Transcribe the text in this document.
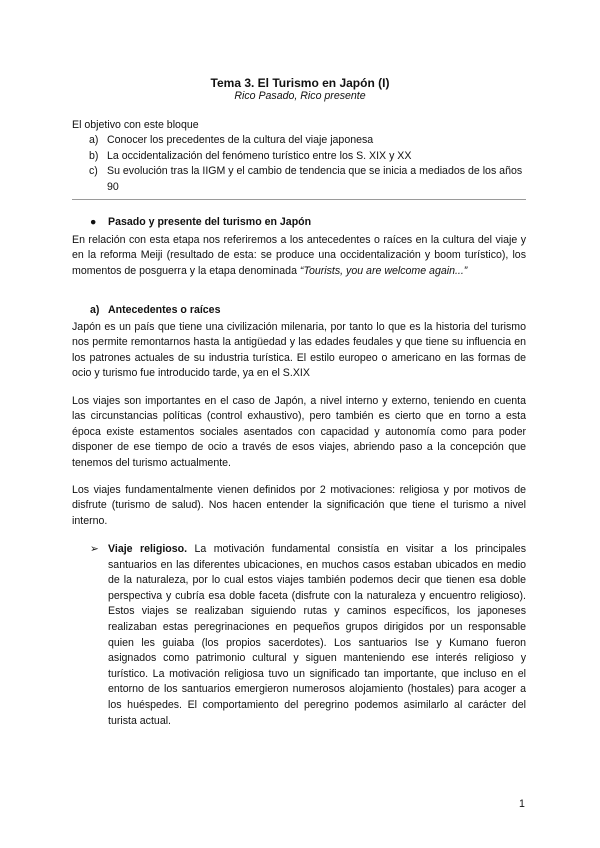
Tema 3. El Turismo en Japón (I)
Rico Pasado, Rico presente
El objetivo con este bloque
a) Conocer los precedentes de la cultura del viaje japonesa
b) La occidentalización del fenómeno turístico entre los S. XIX y XX
c) Su evolución tras la IIGM y el cambio de tendencia que se inicia a mediados de los años 90
● Pasado y presente del turismo en Japón

En relación con esta etapa nos referiremos a los antecedentes o raíces en la cultura del viaje y en la reforma Meiji (resultado de esta: se produce una occidentalización y boom turístico), los momentos de posguerra y la etapa denominada “Tourists, you are welcome again...”

a) Antecedentes o raíces

Japón es un país que tiene una civilización milenaria, por tanto lo que es la historia del turismo nos permite remontarnos hasta la antigüedad y las edades feudales y que tiene su influencia en los patrones actuales de su industria turística. El estilo europeo o americano en las formas de ocio y turismo fue introducido tarde, ya en el S.XIX

Los viajes son importantes en el caso de Japón, a nivel interno y externo, teniendo en cuenta las circunstancias políticas (control exhaustivo), pero también es cierto que en torno a esta época existe estamentos sociales asentados con capacidad y autonomía como para poder disponer de ese tiempo de ocio a través de esos viajes, abriendo paso a la concepción que tenemos del turismo actualmente.

Los viajes fundamentalmente vienen definidos por 2 motivaciones: religiosa y por motivos de disfrute (turismo de salud). Nos hacen entender la significación que tiene el turismo a nivel interno.

➢ Viaje religioso. La motivación fundamental consistía en visitar a los principales santuarios en las diferentes ubicaciones, en muchos casos estaban ubicados en medio de la naturaleza, por lo cual estos viajes también podemos decir que tienen esa doble perspectiva y cubría esa doble faceta (disfrute con la naturaleza y encuentro religioso). Estos viajes se realizaban siguiendo rutas y caminos específicos, los japoneses realizaban estas peregrinaciones en pequeños grupos dirigidos por un responsable quien les guiaba (los propios sacerdotes). Los santuarios Ise y Kumano fueron asignados como patrimonio cultural y siguen manteniendo ese interés religioso y turístico. La motivación religiosa tuvo un significado tan importante, que incluso en el entorno de los santuarios emergieron numerosos alojamiento (hostales) para acoger a los huéspedes. El comportamiento del peregrino podemos asimilarlo al carácter del turista actual.
1
